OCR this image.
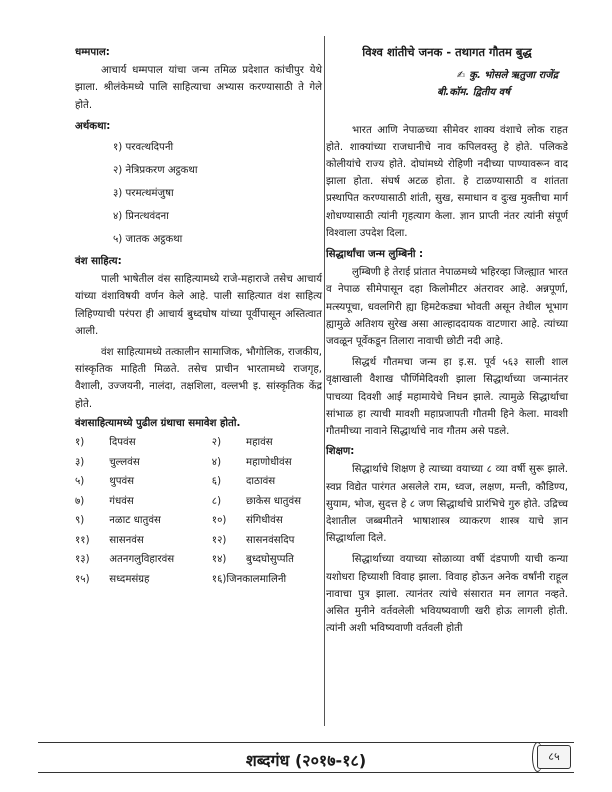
धम्मपाल:

आचार्य धम्मपाल यांचा जन्म तमिळ प्रदेशात कांचीपुर येथे झाला. श्रीलंकेमध्ये पालि साहित्याचा अभ्यास करण्यासाठी ते गेले होते.

अर्थकथा:

१) परवत्थदिपनी

२) नेत्रिप्रकरण अट्ठकथा

३) परमत्थमंजुषा

४) प्रिनत्थवंदना

५) जातक अट्ठकथा

वंश साहित्य:

पाली भाषेतील वंस साहित्यामध्ये राजे-महाराजे तसेच आचार्य यांच्या वंशाविषयी वर्णन केले आहे. पाली साहित्यात वंश साहित्य लिहिण्याची परंपरा ही आचार्य बुध्दघोष यांच्या पूर्वीपासून अस्तित्वात आली.

वंश साहित्यामध्ये तत्कालीन सामाजिक, भौगोलिक, राजकीय, सांस्कृतिक माहिती मिळते. तसेच प्राचीन भारतामध्ये राजगृह, वैशाली, उज्जयनी, नालंदा, तक्षशिला, वल्लभी इ. सांस्कृतिक केंद्र होते.

वंशसाहित्यामध्ये पुढील ग्रंथाचा समावेश होतो.
१)	दिपवंस	२)	महावंस
३)	चुल्लवंस	४)	महाणोधीवंस
५)	थुपवंस	६)	दाठावंस
७)	गंधवंस	८)	छाकेस धातुवंस
९)	नळाट धातुवंस	१०)	संगिधीवंस
११)	सासनवंस	१२)	सासनवंसदिप
१३)	अतनगलुविहारवंस	१४)	बुध्दघोसुप्पति
१५)	सध्दमसंग्रह	१६)जिनकालमालिनी
विश्व शांतीचे जनक - तथागत गौतम बुद्ध
✍ कु. भोसले ऋतुजा राजेंद्र
बी.कॉम. द्वितीय वर्ष

भारत आणि नेपाळच्या सीमेवर शाक्य वंशाचे लोक राहत होते. शाक्यांच्या राजधानीचे नाव कपिलवस्तु हे होते. पलिकडे कोलीयांचे राज्य होते. दोघांमध्ये रोहिणी नदीच्या पाण्यावरून वाद झाला होता. संघर्ष अटळ होता. हे टाळण्यासाठी व शांतता प्रस्थापित करण्यासाठी शांती, सुख, समाधान व दुःख मुक्तीचा मार्ग शोधण्यासाठी त्यांनी गृहत्याग केला. ज्ञान प्राप्ती नंतर त्यांनी संपूर्ण विश्वाला उपदेश दिला.

सिद्धार्थांचा जन्म लुम्बिनी :

लुम्बिणी हे तेराई प्रांतात नेपाळमध्ये भहिरव्हा जिल्ह्यात भारत व नेपाळ सीमेपासून दहा किलोमीटर अंतरावर आहे. अन्नपूर्णा, मत्स्यपूचा, धवलगिरी ह्या हिमटेकड्या भोवती असून तेथील भूभाग ह्यामुळे अतिशय सुरेख असा आल्हाददायक वाटणारा आहे. त्यांच्या जवळून पूर्वेकडून तिलारा नावाची छोटी नदी आहे.

सिद्धर्थ गौतमचा जन्म हा इ.स. पूर्व ५६३ साली शाल वृक्षाखाली वैशाख पौर्णिमेदिवशी झाला सिद्धार्थाच्या जन्मानंतर पाचव्या दिवशी आई महामायेचे निधन झाले. त्यामुळे सिद्धार्थाचा सांभाळ हा त्याची मावशी महाप्रजापती गौतमी हिने केला. मावशी गौतमीच्या नावाने सिद्धार्थाचे नाव गौतम असे पडले.

शिक्षण:

सिद्धार्थाचे शिक्षण हे त्याच्या वयाच्या ८ व्या वर्षी सुरू झाले. स्वप्न विद्येत पारंगत असलेले राम, ध्वज, लक्षण, मन्ती, कौडिण्य, सुयाम, भोज, सुदत्त हे ८ जण सिद्धार्थाचे प्रारंभिचे गुरु होते. उद्रिच्च देशातील जब्बमीतने भाषाशास्त्र व्याकरण शास्त्र याचे ज्ञान सिद्धार्थाला दिले.

सिद्धार्थाच्या वयाच्या सोळाव्या वर्षी दंडपाणी याची कन्या यशोधरा हिच्याशी विवाह झाला. विवाह होऊन अनेक वर्षांनी राहूल नावाचा पुत्र झाला. त्यानंतर त्यांचे संसारात मन लागत नव्हते. असित मुनीने वर्तवलेली भवियष्यवाणी खरी होऊ लागली होती. त्यांनी अशी भविष्यवाणी वर्तवली होती

शब्दगंध (२०१७-१८)	८५
